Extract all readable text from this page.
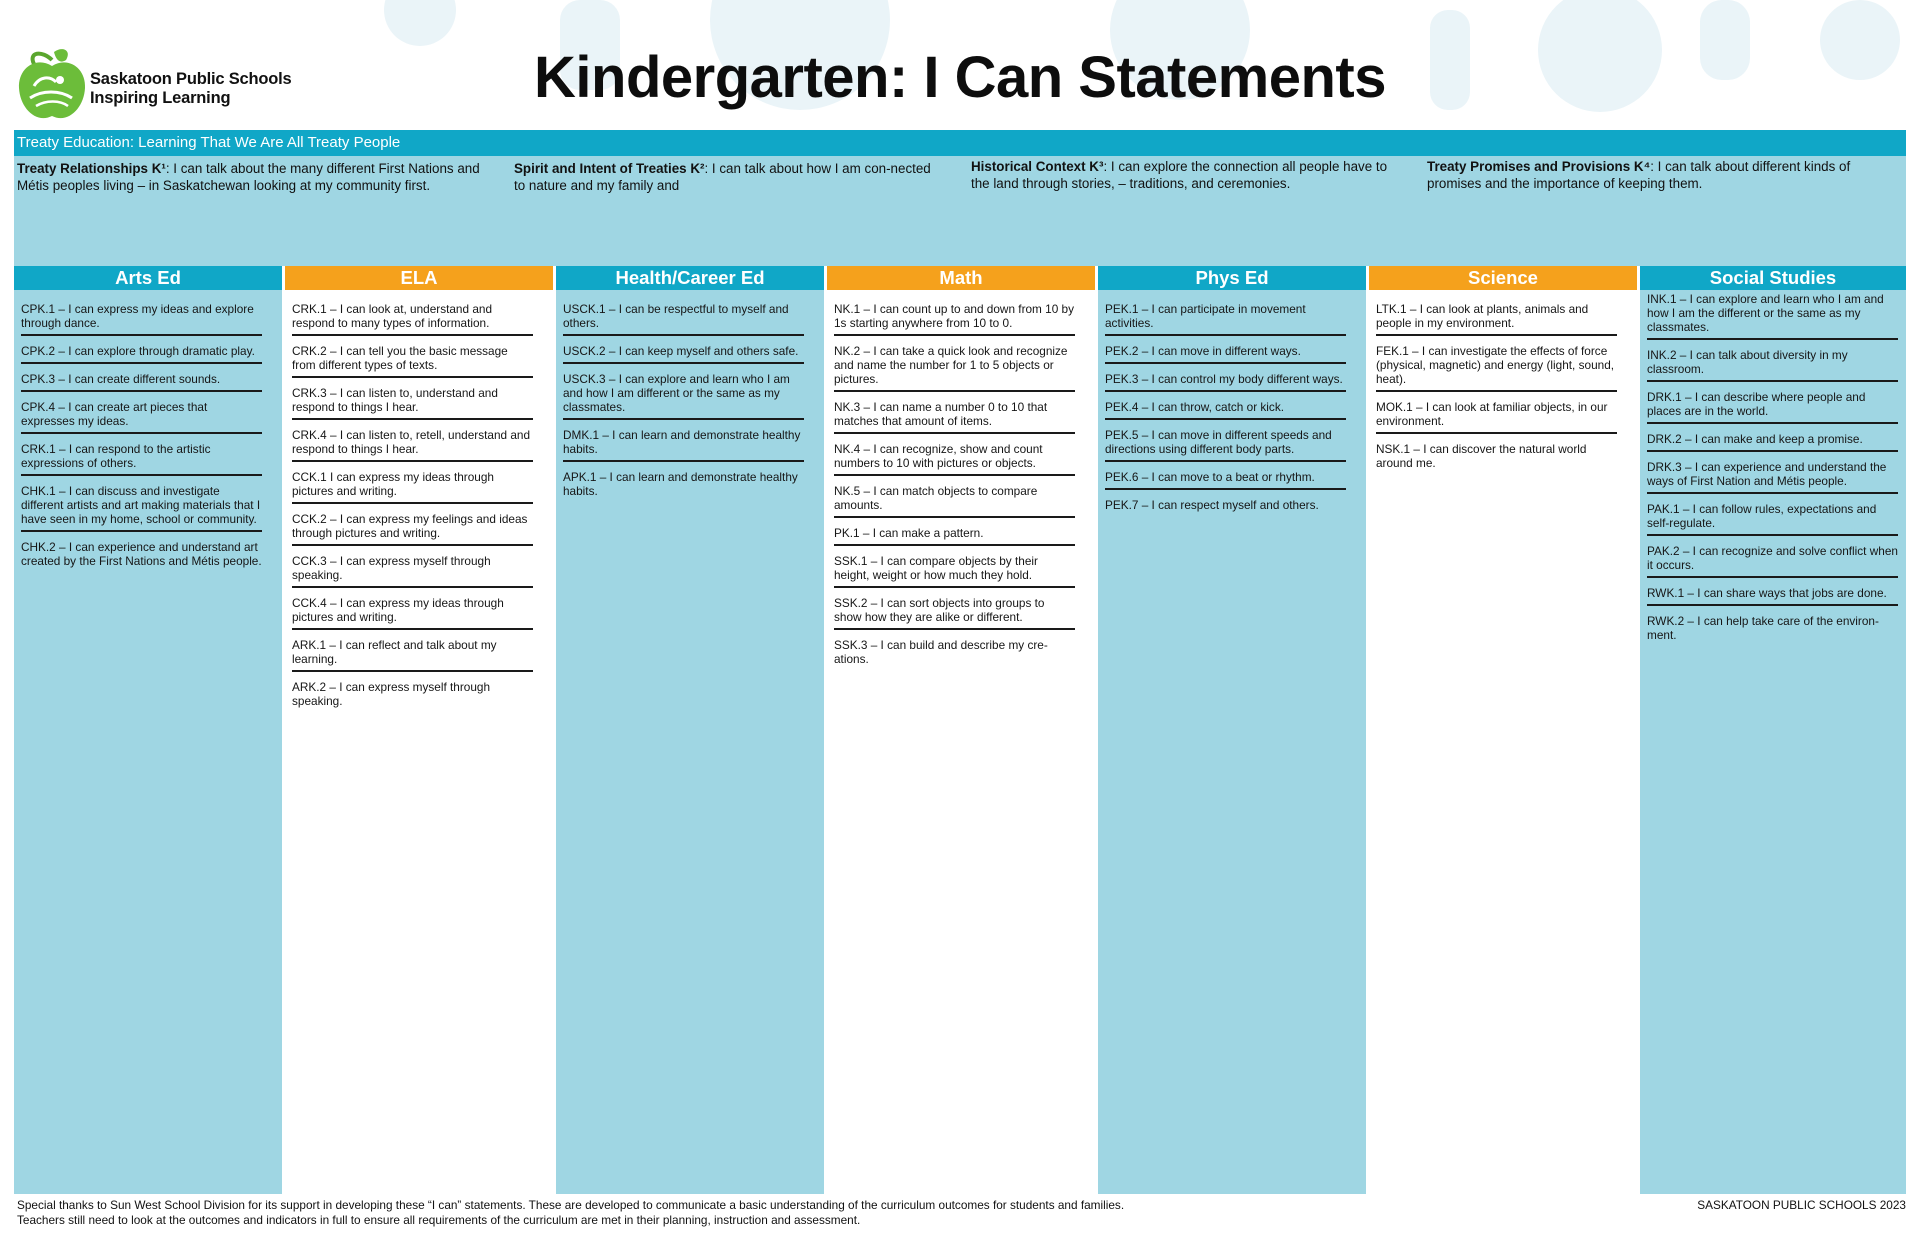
Saskatoon Public Schools
Inspiring Learning	Kindergarten: I Can Statements
Treaty Education: Learning That We Are All Treaty People
Treaty Relationships K¹: I can talk about the many different First Nations and Métis peoples living – in Saskatchewan looking at my community first.
Spirit and Intent of Treaties K²: I can talk about how I am con-nected to nature and my family and
Historical Context K³: I can explore the connection all people have to the land through stories, – traditions, and ceremonies.
Treaty Promises and Provisions K⁴: I can talk about different kinds of promises and the importance of keeping them.
Arts Ed
CPK.1 – I can express my ideas and explore through dance.
CPK.2 – I can explore through dramatic play.
CPK.3 – I can create different sounds.
CPK.4 – I can create art pieces that expresses my ideas.
CRK.1 – I can respond to the artistic expressions of others.
CHK.1 – I can discuss and investigate different artists and art making materials that I have seen in my home, school or community.
CHK.2 – I can experience and understand art created by the First Nations and Métis people.
ELA
CRK.1 – I can look at, understand and respond to many types of information.
CRK.2 – I can tell you the basic message from different types of texts.
CRK.3 – I can listen to, understand and respond to things I hear.
CRK.4 – I can listen to, retell, understand and respond to things I hear.
CCK.1 I can express my ideas through pictures and writing.
CCK.2 – I can express my feelings and ideas through pictures and writing.
CCK.3 – I can express myself through speaking.
CCK.4 – I can express my ideas through pictures and writing.
ARK.1 – I can reflect and talk about my learning.
ARK.2 – I can express myself through speaking.
Health/Career Ed
USCK.1 – I can be respectful to myself and others.
USCK.2 – I can keep myself and others safe.
USCK.3 – I can explore and learn who I am and how I am different or the same as my classmates.
DMK.1 – I can learn and demonstrate healthy habits.
APK.1 – I can learn and demonstrate healthy habits.
Math
NK.1 – I can count up to and down from 10 by 1s starting anywhere from 10 to 0.
NK.2 – I can take a quick look and recognize and name the number for 1 to 5 objects or pictures.
NK.3 – I can name a number 0 to 10 that matches that amount of items.
NK.4 – I can recognize, show and count numbers to 10 with pictures or objects.
NK.5 – I can match objects to compare amounts.
PK.1 – I can make a pattern.
SSK.1 – I can compare objects by their height, weight or how much they hold.
SSK.2 – I can sort objects into groups to show how they are alike or different.
SSK.3 – I can build and describe my cre-ations.
Phys Ed
PEK.1 – I can participate in movement activities.
PEK.2 – I can move in different ways.
PEK.3 – I can control my body different ways.
PEK.4 – I can throw, catch or kick.
PEK.5 – I can move in different speeds and directions using different body parts.
PEK.6 – I can move to a beat or rhythm.
PEK.7 – I can respect myself and others.
Science
LTK.1 – I can look at plants, animals and people in my environment.
FEK.1 – I can investigate the effects of force (physical, magnetic) and energy (light, sound, heat).
MOK.1 – I can look at familiar objects, in our environment.
NSK.1 – I can discover the natural world around me.
Social Studies
INK.1 – I can explore and learn who I am and how I am the different or the same as my classmates.
INK.2 – I can talk about diversity in my classroom.
DRK.1 – I can describe where people and places are in the world.
DRK.2 – I can make and keep a promise.
DRK.3 – I can experience and understand the ways of First Nation and Métis people.
PAK.1 – I can follow rules, expectations and self-regulate.
PAK.2 – I can recognize and solve conflict when it occurs.
RWK.1 – I can share ways that jobs are done.
RWK.2 – I can help take care of the environ-ment.
Special thanks to Sun West School Division for its support in developing these “I can” statements. These are developed to communicate a basic understanding of the curriculum outcomes for students and families. Teachers still need to look at the outcomes and indicators in full to ensure all requirements of the curriculum are met in their planning, instruction and assessment.
SASKATOON PUBLIC SCHOOLS 2023
